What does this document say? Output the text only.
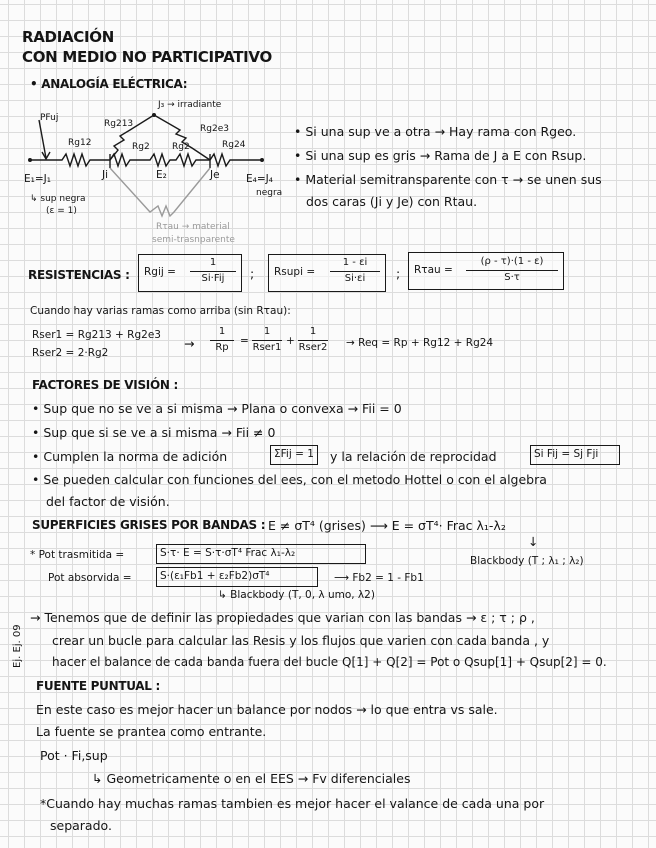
RADIACIÓN
CON MEDIO NO PARTICIPATIVO
• ANALOGÍA ELÉCTRICA:
J₃ → irradiante
PFuj
Rg213	Rg2e3
Rg12	Rg2 Rg2	Rg24
E₁=J₁	Ji	E₂	Je	E₄=J₄
negra
↳ sup negra
(ε = 1)
Rτau → material
semi-trasnparente
• Si una sup ve a otra → Hay rama con Rgeo.
• Si una sup es gris → Rama de J a E con Rsup.
• Material semitransparente con τ → se unen sus
dos caras (Ji y Je) con Rtau.
RESISTENCIAS : Rgij =
1
Si·Fij	; Rsupi =
1 - εi
Si·εi	; Rτau =
(ρ - τ)·(1 - ε)
S·τ
Cuando hay varias ramas como arriba (sin Rτau):
Rser1 = Rg213 + Rg2e3
Rser2 = 2·Rg2
→
1
Rp
=
1
Rser1
+
1
Rser2 → Req = Rp + Rg12 + Rg24
FACTORES DE VISIÓN :
• Sup que no se ve a si misma → Plana o convexa → Fii = 0
• Sup que si se ve a si misma → Fii ≠ 0
• Cumplen la norma de adición	ΣFij = 1 y la relación de reprocidad	Si Fij = Sj Fji
• Se pueden calcular con funciones del ees, con el metodo Hottel o con el algebra
del factor de visión.
SUPERFICIES GRISES POR BANDAS : E ≠ σT⁴ (grises) ⟶ E = σT⁴· Frac λ₁-λ₂
↓
Blackbody (T ; λ₁ ; λ₂)
* Pot trasmitida =	S·τ· E = S·τ·σT⁴ Frac λ₁-λ₂
Pot absorvida =	S·(ε₁Fb1 + ε₂Fb2)σT⁴	⟶ Fb2 = 1 - Fb1
↳ Blackbody (T, 0, λ umo, λ2)
Ej. Ej. 09
→ Tenemos que de definir las propiedades que varian con las bandas → ε ; τ ; ρ ,
crear un bucle para calcular las Resis y los flujos que varien con cada banda , y
hacer el balance de cada banda fuera del bucle Q[1] + Q[2] = Pot o Qsup[1] + Qsup[2] = 0.
FUENTE PUNTUAL :
En este caso es mejor hacer un balance por nodos → lo que entra vs sale.
La fuente se prantea como entrante.
Pot · Fi,sup
↳ Geometricamente o en el EES → Fv diferenciales
*Cuando hay muchas ramas tambien es mejor hacer el valance de cada una por
separado.
